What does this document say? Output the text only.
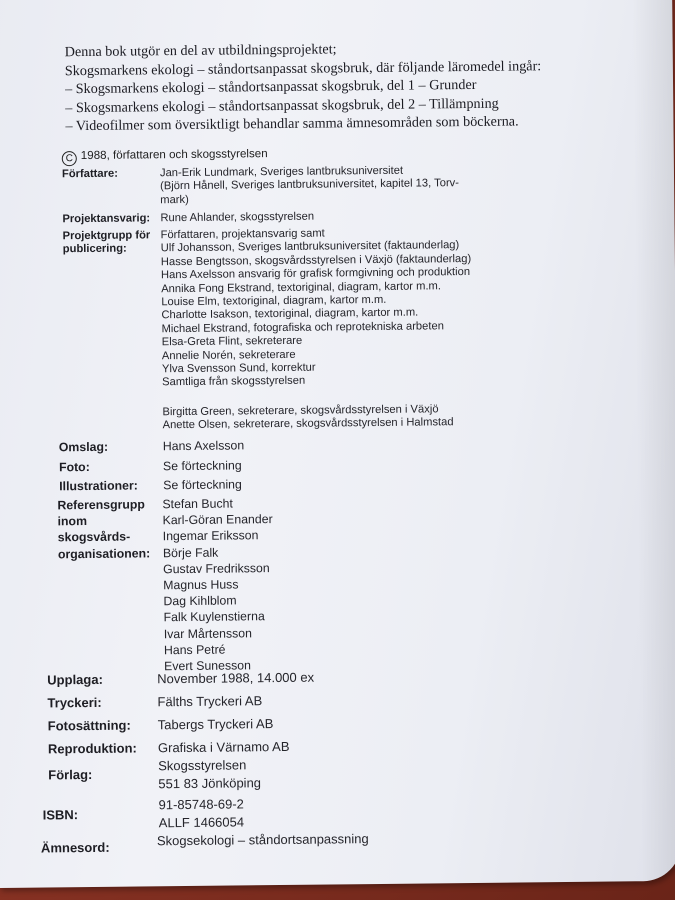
Denna bok utgör en del av utbildningsprojektet;
Skogsmarkens ekologi – ståndortsanpassat skogsbruk, där följande läromedel ingår:
– Skogsmarkens ekologi – ståndortsanpassat skogsbruk, del 1 – Grunder
– Skogsmarkens ekologi – ståndortsanpassat skogsbruk, del 2 – Tillämpning
– Videofilmer som översiktligt behandlar samma ämnesområden som böckerna.
C 1988, författaren och skogsstyrelsen
Författare:	Jan-Erik Lundmark, Sveriges lantbruksuniversitet
(Björn Hånell, Sveriges lantbruksuniversitet, kapitel 13, Torv-
mark)
Projektansvarig: Rune Ahlander, skogsstyrelsen
Projektgrupp för
publicering:
Författaren, projektansvarig samt
Ulf Johansson, Sveriges lantbruksuniversitet (faktaunderlag)
Hasse Bengtsson, skogsvårdsstyrelsen i Växjö (faktaunderlag)
Hans Axelsson ansvarig för grafisk formgivning och produktion
Annika Fong Ekstrand, textoriginal, diagram, kartor m.m.
Louise Elm, textoriginal, diagram, kartor m.m.
Charlotte Isakson, textoriginal, diagram, kartor m.m.
Michael Ekstrand, fotografiska och reprotekniska arbeten
Elsa-Greta Flint, sekreterare
Annelie Norén, sekreterare
Ylva Svensson Sund, korrektur
Samtliga från skogsstyrelsen
Birgitta Green, sekreterare, skogsvårdsstyrelsen i Växjö
Anette Olsen, sekreterare, skogsvårdsstyrelsen i Halmstad
Omslag:	Hans Axelsson
Foto:	Se förteckning
Illustrationer: Se förteckning
Referensgrupp
inom
skogsvårds-
organisationen:
Stefan Bucht
Karl-Göran Enander
Ingemar Eriksson
Börje Falk
Gustav Fredriksson
Magnus Huss
Dag Kihlblom
Falk Kuylenstierna
Ivar Mårtensson
Hans Petré
Evert Sunesson
Upplaga:	November 1988, 14.000 ex
Tryckeri:	Fälths Tryckeri AB
Fotosättning: Tabergs Tryckeri AB
Reproduktion: Grafiska i Värnamo AB
Förlag:
Skogsstyrelsen
551 83 Jönköping
ISBN:
91-85748-69-2
ALLF 1466054
Ämnesord:	Skogsekologi – ståndortsanpassning
